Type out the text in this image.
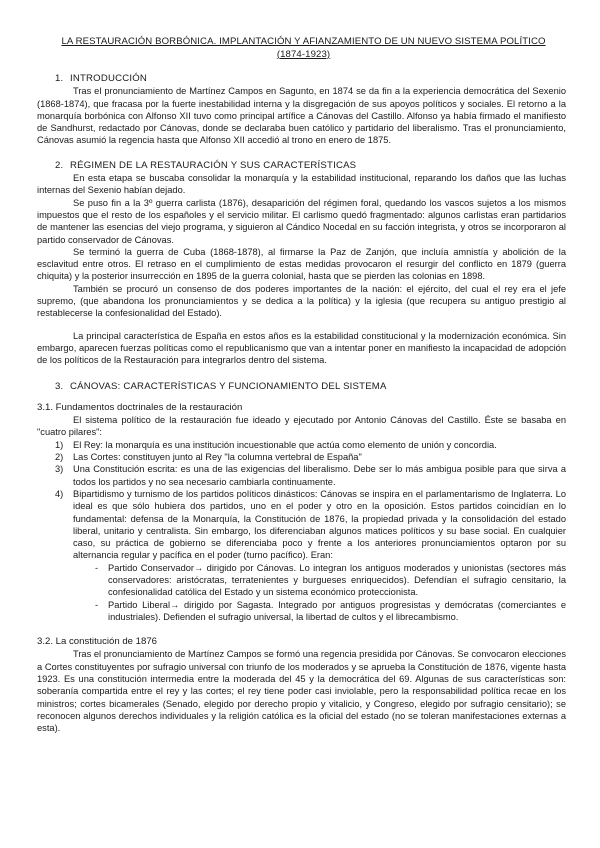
LA RESTAURACIÓN BORBÓNICA. IMPLANTACIÓN Y AFIANZAMIENTO DE UN NUEVO SISTEMA POLÍTICO
(1874-1923)
1. INTRODUCCIÓN

Tras el pronunciamiento de Martínez Campos en Sagunto, en 1874 se da fin a la experiencia democrática del Sexenio (1868-1874), que fracasa por la fuerte inestabilidad interna y la disgregación de sus apoyos políticos y sociales. El retorno a la monarquía borbónica con Alfonso XII tuvo como principal artífice a Cánovas del Castillo. Alfonso ya había firmado el manifiesto de Sandhurst, redactado por Cánovas, donde se declaraba buen católico y partidario del liberalismo. Tras el pronunciamiento, Cánovas asumió la regencia hasta que Alfonso XII accedió al trono en enero de 1875.

2. RÉGIMEN DE LA RESTAURACIÓN Y SUS CARACTERÍSTICAS

En esta etapa se buscaba consolidar la monarquía y la estabilidad institucional, reparando los daños que las luchas internas del Sexenio habían dejado.

Se puso fin a la 3º guerra carlista (1876), desaparición del régimen foral, quedando los vascos sujetos a los mismos impuestos que el resto de los españoles y el servicio militar. El carlismo quedó fragmentado: algunos carlistas eran partidarios de mantener las esencias del viejo programa, y siguieron al Cándico Nocedal en su facción integrista, y otros se incorporaron al partido conservador de Cánovas.

Se terminó la guerra de Cuba (1868-1878), al firmarse la Paz de Zanjón, que incluía amnistía y abolición de la esclavitud entre otros. El retraso en el cumplimiento de estas medidas provocaron el resurgir del conflicto en 1879 (guerra chiquita) y la posterior insurrección en 1895 de la guerra colonial, hasta que se pierden las colonias en 1898.

También se procuró un consenso de dos poderes importantes de la nación: el ejército, del cual el rey era el jefe supremo, (que abandona los pronunciamientos y se dedica a la política) y la iglesia (que recupera su antiguo prestigio al restablecerse la confesionalidad del Estado).

La principal característica de España en estos años es la estabilidad constitucional y la modernización económica. Sin embargo, aparecen fuerzas políticas como el republicanismo que van a intentar poner en manifiesto la incapacidad de adopción de los políticos de la Restauración para integrarlos dentro del sistema.

3. CÁNOVAS: CARACTERÍSTICAS Y FUNCIONAMIENTO DEL SISTEMA
3.1. Fundamentos doctrinales de la restauración

El sistema político de la restauración fue ideado y ejecutado por Antonio Cánovas del Castillo. Éste se basaba en "cuatro pilares":

1) El Rey: la monarquía es una institución incuestionable que actúa como elemento de unión y concordia.
2) Las Cortes: constituyen junto al Rey "la columna vertebral de España"
3) Una Constitución escrita: es una de las exigencias del liberalismo. Debe ser lo más ambigua posible para que sirva a todos los partidos y no sea necesario cambiarla continuamente.
4) Bipartidismo y turnismo de los partidos políticos dinásticos: Cánovas se inspira en el parlamentarismo de Inglaterra. Lo ideal es que sólo hubiera dos partidos, uno en el poder y otro en la oposición. Estos partidos coincidían en lo fundamental: defensa de la Monarquía, la Constitución de 1876, la propiedad privada y la consolidación del estado liberal, unitario y centralista. Sin embargo, los diferenciaban algunos matices políticos y su base social. En cualquier caso, su práctica de gobierno se diferenciaba poco y frente a los anteriores pronunciamientos optaron por su alternancia regular y pacífica en el poder (turno pacífico). Eran:
- Partido Conservador→ dirigido por Cánovas. Lo integran los antiguos moderados y unionistas (sectores más conservadores: aristócratas, terratenientes y burgueses enriquecidos). Defendían el sufragio censitario, la confesionalidad católica del Estado y un sistema económico proteccionista.
- Partido Liberal→ dirigido por Sagasta. Integrado por antiguos progresistas y demócratas (comerciantes e industriales). Defienden el sufragio universal, la libertad de cultos y el librecambismo.
3.2. La constitución de 1876

Tras el pronunciamiento de Martínez Campos se formó una regencia presidida por Cánovas. Se convocaron elecciones a Cortes constituyentes por sufragio universal con triunfo de los moderados y se aprueba la Constitución de 1876, vigente hasta 1923. Es una constitución intermedia entre la moderada del 45 y la democrática del 69. Algunas de sus características son: soberanía compartida entre el rey y las cortes; el rey tiene poder casi inviolable, pero la responsabilidad política recae en los ministros; cortes bicamerales (Senado, elegido por derecho propio y vitalicio, y Congreso, elegido por sufragio censitario); se reconocen algunos derechos individuales y la religión católica es la oficial del estado (no se toleran manifestaciones externas a esta).
